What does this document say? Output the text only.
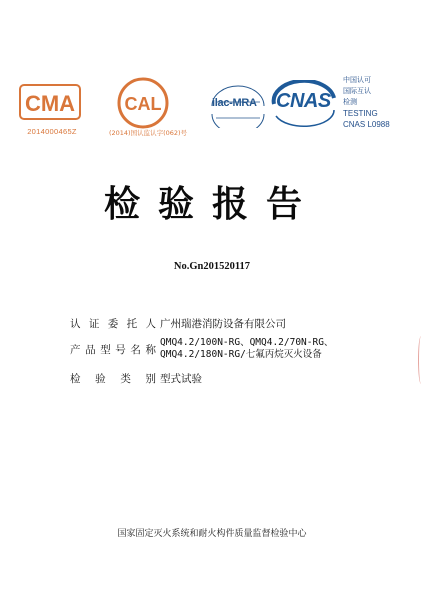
CMA
2014000465Z
CAL
(2014)国认监认字(062)号
ilac-MRA CNAS
中国认可
国际互认
检测
TESTING
CNAS L0988
检验报告
No.Gn201520117
认证委托人 广州瑞港消防设备有限公司
产品型号名称
QMQ4.2/100N-RG、QMQ4.2/70N-RG、
QMQ4.2/180N-RG/七氟丙烷灭火设备
检验类别 型式试验
国家固定灭火系统和耐火构件质量监督检验中心
